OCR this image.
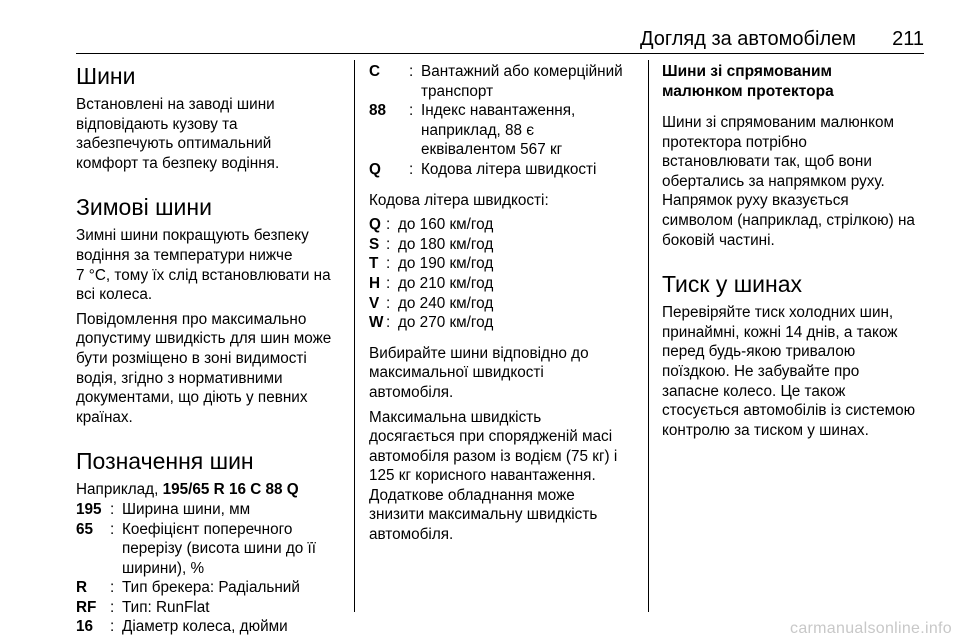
Догляд за автомобілем 211
Шини
Встановлені на заводі шини
відповідають кузову та
забезпечують оптимальний
комфорт та безпеку водіння.
Зимові шини
Зимні шини покращують безпеку
водіння за температури нижче
7 °C, тому їх слід встановлювати на
всі колеса.
Повідомлення про максимально
допустиму швидкість для шин може
бути розміщено в зоні видимості
водія, згідно з нормативними
документами, що діють у певних
країнах.
Позначення шин
Наприклад, 195/65 R 16 C 88 Q
195 : Ширина шини, мм
65	: Коефіцієнт поперечного
перерізу (висота шини до її
ширини), %
R	: Тип брекера: Радіальний
RF : Тип: RunFlat
16	: Діаметр колеса, дюйми
C	: Вантажний або комерційний
транспорт
88	: Індекс навантаження,
наприклад, 88 є
еквівалентом 567 кг
Q	: Кодова літера швидкості
Кодова літера швидкості:
Q : до 160 км/год
S : до 180 км/год
T : до 190 км/год
H : до 210 км/год
V : до 240 км/год
W : до 270 км/год
Вибирайте шини відповідно до
максимальної швидкості
автомобіля.
Максимальна швидкість
досягається при спорядженій масі
автомобіля разом із водієм (75 кг) і
125 кг корисного навантаження.
Додаткове обладнання може
знизити максимальну швидкість
автомобіля.
Шини зі спрямованим
малюнком протектора
Шини зі спрямованим малюнком
протектора потрібно
встановлювати так, щоб вони
обертались за напрямком руху.
Напрямок руху вказується
символом (наприклад, стрілкою) на
боковій частині.
Тиск у шинах
Перевіряйте тиск холодних шин,
принаймні, кожні 14 днів, а також
перед будь-якою тривалою
поїздкою. Не забувайте про
запасне колесо. Це також
стосується автомобілів із системою
контролю за тиском у шинах.
carmanualsonline.info
